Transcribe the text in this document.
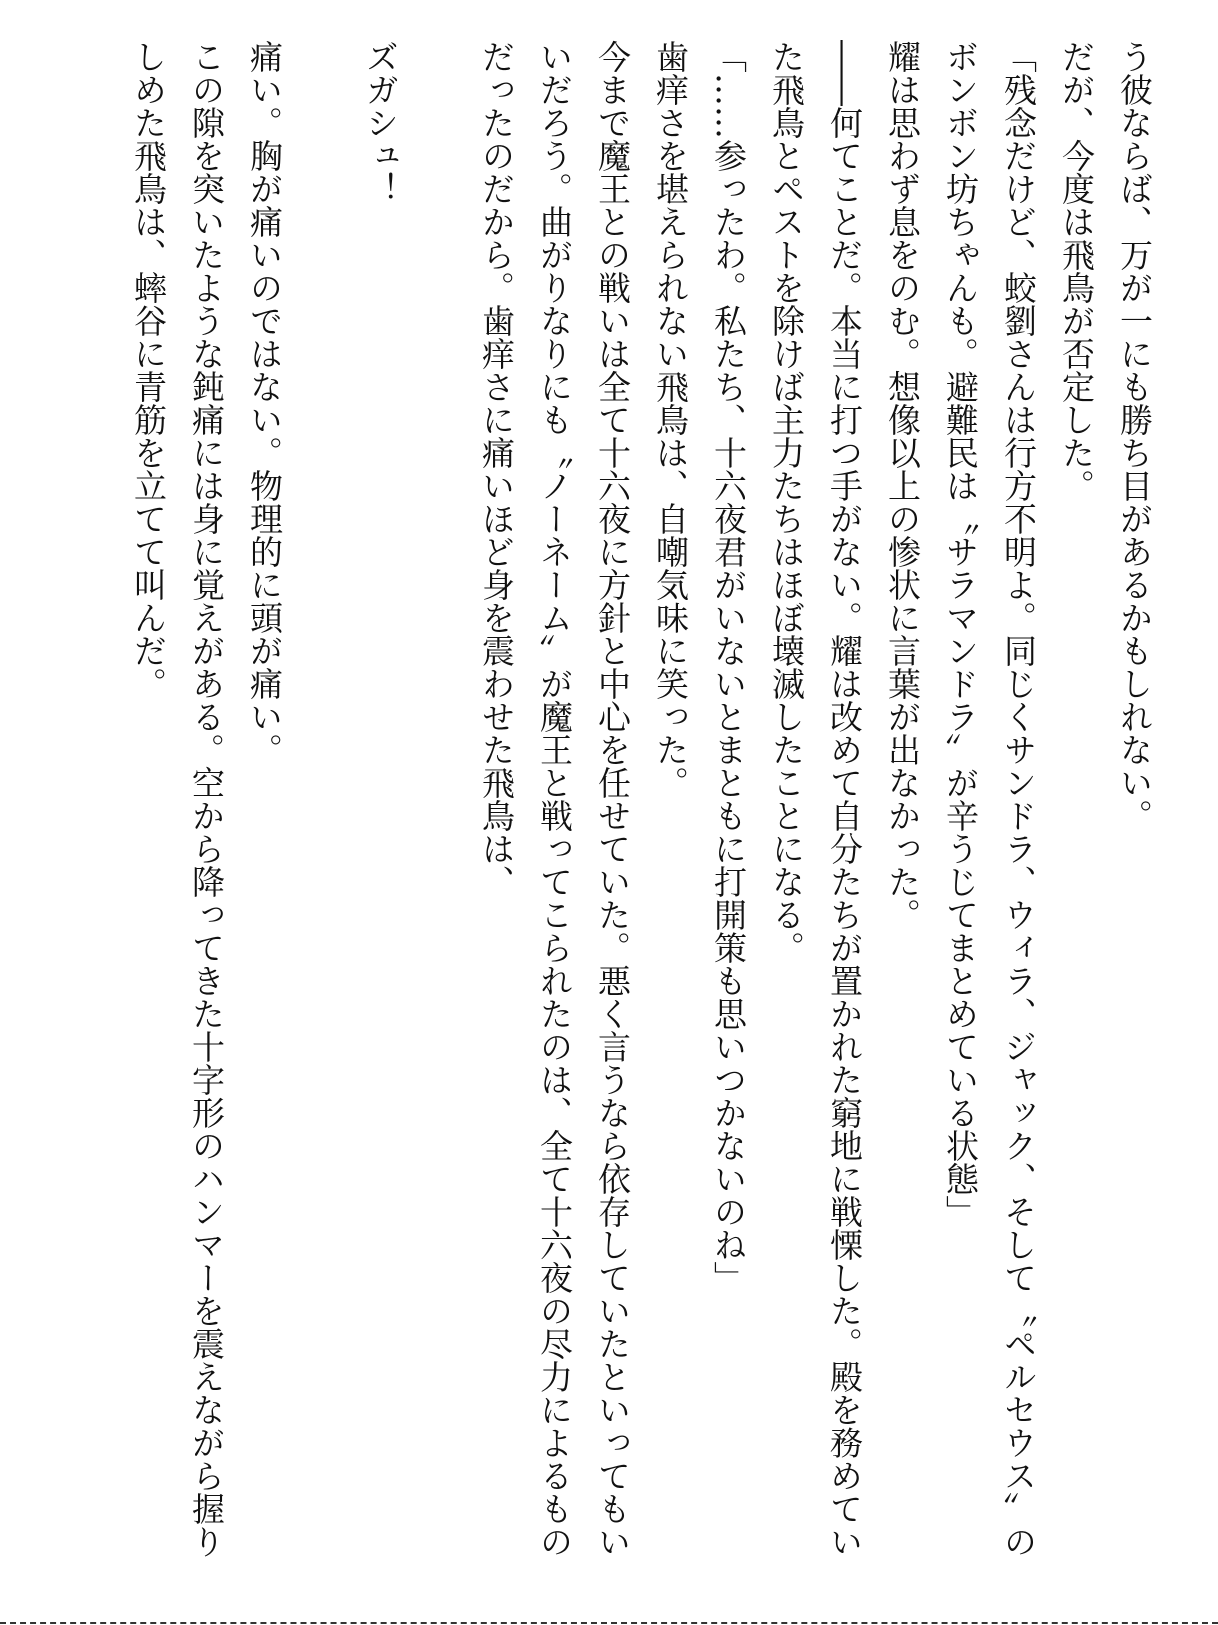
う彼ならば、万が一にも勝ち目があるかもしれない。

だが、今度は飛鳥が否定した。

「残念だけど、蛟劉さんは行方不明よ。同じくサンドラ、ウィラ、ジャック、そして〝ペルセウス〟のボンボン坊ちゃんも。避難民は〝サラマンドラ〟が辛うじてまとめている状態」

耀は思わず息をのむ。想像以上の惨状に言葉が出なかった。

――何てことだ。本当に打つ手がない。耀は改めて自分たちが置かれた窮地に戦慄した。殿を務めていた飛鳥とペストを除けば主力たちはほぼ壊滅したことになる。

「……参ったわ。私たち、十六夜君がいないとまともに打開策も思いつかないのね」

歯痒さを堪えられない飛鳥は、自嘲気味に笑った。

今まで魔王との戦いは全て十六夜に方針と中心を任せていた。悪く言うなら依存していたといってもいいだろう。曲がりなりにも〝ノーネーム〟が魔王と戦ってこられたのは、全て十六夜の尽力によるものだったのだから。歯痒さに痛いほど身を震わせた飛鳥は、

ズガシュ！

痛い。胸が痛いのではない。物理的に頭が痛い。

この隙を突いたような鈍痛には身に覚えがある。空から降ってきた十字形のハンマーを震えながら握りしめた飛鳥は、蟀谷に青筋を立てて叫んだ。
